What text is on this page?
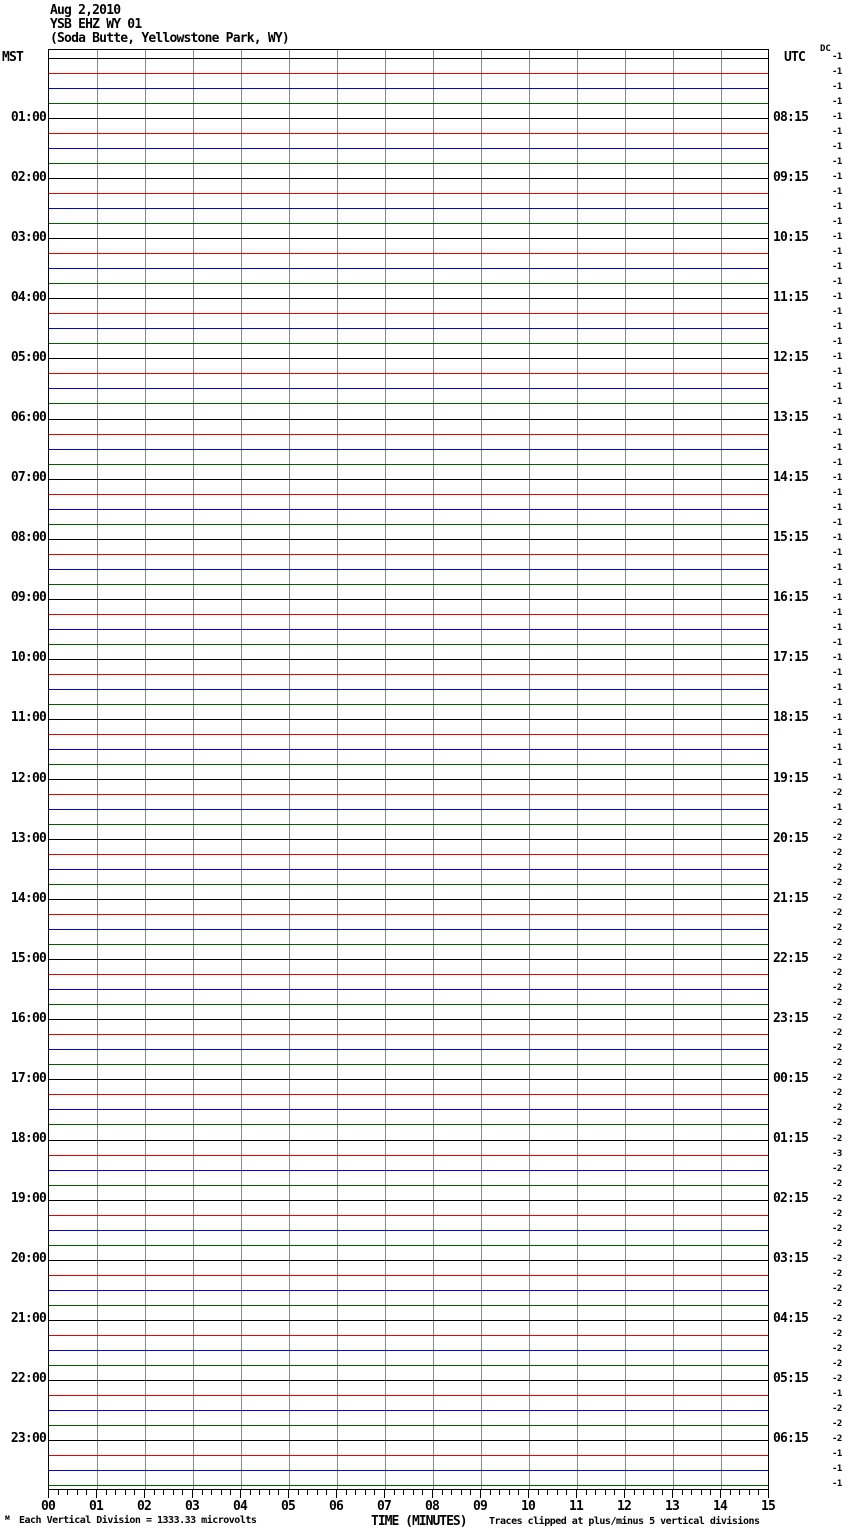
Aug 2,2010
YSB EHZ WY 01
(Soda Butte, Yellowstone Park, WY)
MST	UTC
DC
01:00
02:00
03:00
04:00
05:00
06:00
07:00
08:00
09:00
10:00
11:00
12:00
13:00
14:00
15:00
16:00
17:00
18:00
19:00
20:00
21:00
22:00
23:00
08:15
09:15
10:15
11:15
12:15
13:15
14:15
15:15
16:15
17:15
18:15
19:15
20:15
21:15
22:15
23:15
00:15
01:15
02:15
03:15
04:15
05:15
06:15
-1
-1
-1
-1
-1
-1
-1
-1
-1
-1
-1
-1
-1
-1
-1
-1
-1
-1
-1
-1
-1
-1
-1
-1
-1
-1
-1
-1
-1
-1
-1
-1
-1
-1
-1
-1
-1
-1
-1
-1
-1
-1
-1
-1
-1
-1
-1
-1
-1
-2
-1
-2
-2
-2
-2
-2
-2
-2
-2
-2
-2
-2
-2
-2
-2
-2
-2
-2
-2
-2
-2
-2
-2
-3
-2
-2
-2
-2
-2
-2
-2
-2
-2
-2
-2
-2
-2
-2
-2
-1
-2
-2
-2
-1
-1
-1
00	01	02	03	04	05	06	07	08	09	10	11	12	13	14	15
м Each Vertical Division = 1333.33 microvolts	TIME (MINUTES) Traces clipped at plus/minus 5 vertical divisions
